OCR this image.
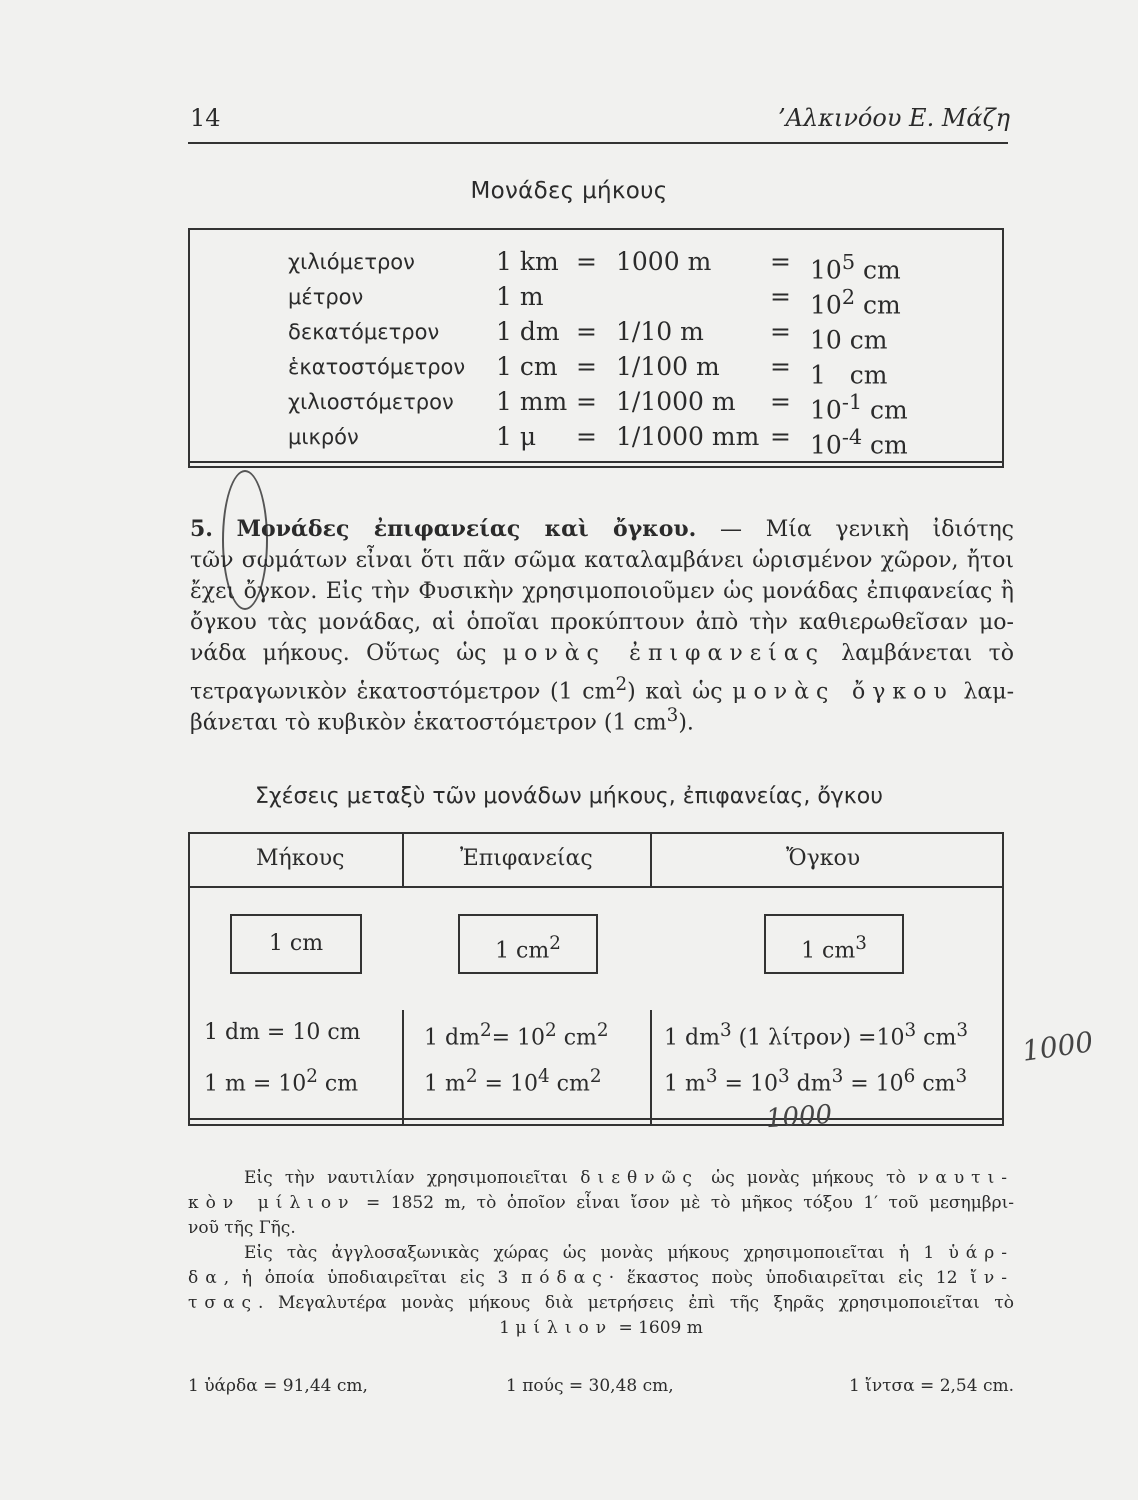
14	’Αλκινόου Ε. Μάζη
Μονάδες μήκους
χιλιόμετρον	1 km = 1000 $m = 10^5$ cm
μέτρον	1 m	= $10^2$ cm
δεκατόμετρον 1 dm = 1/10 m	= 10 cm
ἑκατοστόμετρον 1 cm = 1/100 m = 1   cm
χιλιοστόμετρον 1 mm = 1/1000 $m = 10^{-1}$ cm
μικρόν	1 μ = 1/1000 mm = $10^{-4}$ cm
5. Μονάδες ἐπιφανείας καὶ ὄγκου. — Μία γενικὴ ἰδιότης
τῶν σωμάτων εἶναι ὅτι πᾶν σῶμα καταλαμβάνει ὡρισμένον χῶρον, ἤτοι
ἔχει ὄγκον. Εἰς τὴν Φυσικὴν χρησιμοποιοῦμεν ὡς μονάδας ἐπιφανείας ἢ
ὄγκου τὰς μονάδας, αἱ ὁποῖαι προκύπτουν ἀπὸ τὴν καθιερωθεῖσαν μο-
νάδα μήκους. Οὕτως ὡς μονὰς ἐπιφανείας λαμβάνεται τὸ
τετραγωνικὸν ἑκατοστόμετρον (1 $cm^2$) καὶ ὡς μονὰς ὄγκου λαμ-
βάνεται τὸ κυβικὸν ἑκατοστόμετρον (1 $cm^3$).
Σχέσεις μεταξὺ τῶν μονάδων μήκους, ἐπιφανείας, ὄγκου
Μήκους	Ἐπιφανείας	Ὄγκου
1 cm	1 $cm^2$	1 $cm^3$
1 dm = 10 cm	1 $dm^2= 10^2$ $cm^2$	1 $dm^3$ (1 $\lambda ί\tau\rho o\nu) =10^3$ $cm^3$
1 $m = 10^2$ cm	1 $m^2 = 10^4$ $cm^2$	1 $m^3 = 10^3$ $dm^3 = 10^6$ $cm^3$
1000
1000
Εἰς τὴν ναυτιλίαν χρησιμοποιεῖται διεθνῶς ὡς μονὰς μήκους τὸ ναυτι-
κὸν μίλιον = 1852 m, τὸ ὁποῖον εἶναι ἴσον μὲ τὸ μῆκος τόξου 1′ τοῦ μεσημβρι-
νοῦ τῆς Γῆς.
Εἰς τὰς ἀγγλοσαξωνικὰς χώρας ὡς μονὰς μήκους χρησιμοποιεῖται ἡ 1 ὑάρ-
δα, ἡ ὁποία ὑποδιαιρεῖται εἰς 3 πόδας· ἕκαστος ποὺς ὑποδιαιρεῖται εἰς 12 ἴν-
τσας. Μεγαλυτέρα μονὰς μήκους διὰ μετρήσεις ἐπὶ τῆς ξηρᾶς χρησιμοποιεῖται τὸ
1 μίλιον = 1609 m
1 ὑάρδα = 91,44 cm,	1 πούς = 30,48 cm,	1 ἴντσα = 2,54 cm.
